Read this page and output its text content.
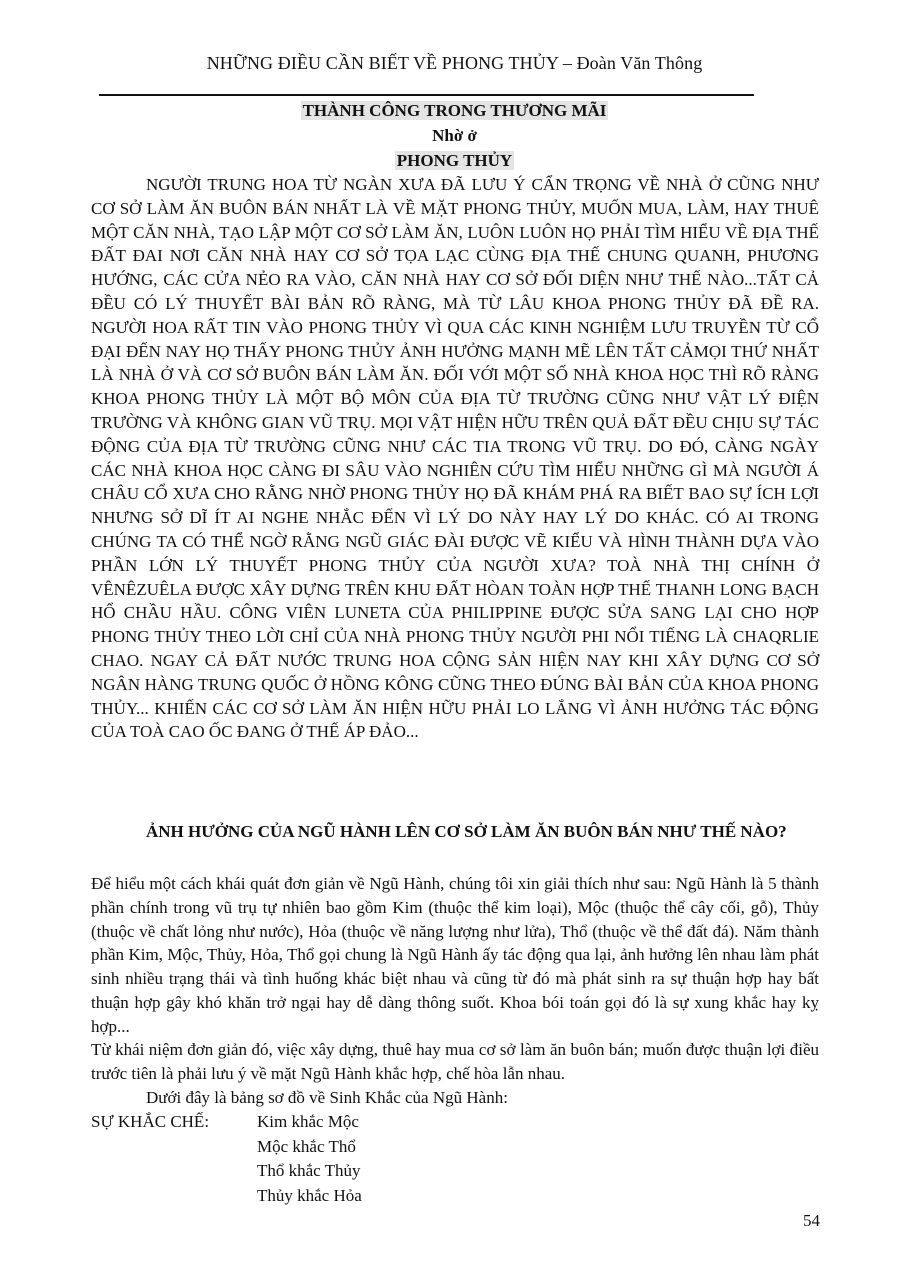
NHỮNG ĐIỀU CẦN BIẾT VỀ PHONG THỦY – Đoàn Văn Thông
THÀNH CÔNG TRONG THƯƠNG MÃI
Nhờ ở
PHONG THỦY

NGƯỜI TRUNG HOA TỪ NGÀN XƯA ĐÃ LƯU Ý CẨN TRỌNG VỀ NHÀ Ở CŨNG NHƯ CƠ SỞ LÀM ĂN BUÔN BÁN NHẤT LÀ VỀ MẶT PHONG THỦY, MUỐN MUA, LÀM, HAY THUÊ MỘT CĂN NHÀ, TẠO LẬP MỘT CƠ SỞ LÀM ĂN, LUÔN LUÔN HỌ PHẢI TÌM HIỂU VỀ ĐỊA THẾ ĐẤT ĐAI NƠI CĂN NHÀ HAY CƠ SỞ TỌA LẠC CÙNG ĐỊA THẾ CHUNG QUANH, PHƯƠNG HƯỚNG, CÁC CỬA NẺO RA VÀO, CĂN NHÀ HAY CƠ SỞ ĐỐI DIỆN NHƯ THẾ NÀO...TẤT CẢ ĐỀU CÓ LÝ THUYẾT BÀI BẢN RÕ RÀNG, MÀ TỪ LÂU KHOA PHONG THỦY ĐÃ ĐỀ RA. NGƯỜI HOA RẤT TIN VÀO PHONG THỦY VÌ QUA CÁC KINH NGHIỆM LƯU TRUYỀN TỪ CỔ ĐẠI ĐẾN NAY HỌ THẤY PHONG THỦY ẢNH HƯỞNG MẠNH MẼ LÊN TẤT CẢMỌI THỨ NHẤT LÀ NHÀ Ở VÀ CƠ SỞ BUÔN BÁN LÀM ĂN. ĐỐI VỚI MỘT SỐ NHÀ KHOA HỌC THÌ RÕ RÀNG KHOA PHONG THỦY LÀ MỘT BỘ MÔN CỦA ĐỊA TỪ TRƯỜNG CŨNG NHƯ VẬT LÝ ĐIỆN TRƯỜNG VÀ KHÔNG GIAN VŨ TRỤ. MỌI VẬT HIỆN HỮU TRÊN QUẢ ĐẤT ĐỀU CHỊU SỰ TÁC ĐỘNG CỦA ĐỊA TỪ TRƯỜNG CŨNG NHƯ CÁC TIA TRONG VŨ TRỤ. DO ĐÓ, CÀNG NGÀY CÁC NHÀ KHOA HỌC CÀNG ĐI SÂU VÀO NGHIÊN CỨU TÌM HIỂU NHỮNG GÌ MÀ NGƯỜI Á CHÂU CỔ XƯA CHO RẰNG NHỜ PHONG THỦY HỌ ĐÃ KHÁM PHÁ RA BIẾT BAO SỰ ÍCH LỢI NHƯNG SỞ DĨ ÍT AI NGHE NHẮC ĐẾN VÌ LÝ DO NÀY HAY LÝ DO KHÁC. CÓ AI TRONG CHÚNG TA CÓ THỂ NGỜ RẰNG NGŨ GIÁC ĐÀI ĐƯỢC VẼ KIỂU VÀ HÌNH THÀNH DỰA VÀO PHẦN LỚN LÝ THUYẾT PHONG THỦY CỦA NGƯỜI XƯA? TOÀ NHÀ THỊ CHÍNH Ở VÊNÊZUÊLA ĐƯỢC XÂY DỰNG TRÊN KHU ĐẤT HÒAN TOÀN HỢP THẾ THANH LONG BẠCH HỔ CHẦU HẦU. CÔNG VIÊN LUNETA CỦA PHILIPPINE ĐƯỢC SỬA SANG LẠI CHO HỢP PHONG THỦY THEO LỜI CHỈ CỦA NHÀ PHONG THỦY NGƯỜI PHI NỔI TIẾNG LÀ CHAQRLIE CHAO. NGAY CẢ ĐẤT NƯỚC TRUNG HOA CỘNG SẢN HIỆN NAY KHI XÂY DỰNG CƠ SỞ NGÂN HÀNG TRUNG QUỐC Ở HỒNG KÔNG CŨNG THEO ĐÚNG BÀI BẢN CỦA KHOA PHONG THỦY... KHIẾN CÁC CƠ SỞ LÀM ĂN HIỆN HỮU PHẢI LO LẮNG VÌ ẢNH HƯỞNG TÁC ĐỘNG CỦA TOÀ CAO ỐC ĐANG Ở THẾ ÁP ĐẢO...

ẢNH HƯỞNG CỦA NGŨ HÀNH LÊN CƠ SỞ LÀM ĂN BUÔN BÁN NHƯ THẾ NÀO?

Để hiểu một cách khái quát đơn giản về Ngũ Hành, chúng tôi xin giải thích như sau: Ngũ Hành là 5 thành phần chính trong vũ trụ tự nhiên bao gồm Kim (thuộc thể kim loại), Mộc (thuộc thể cây cối, gỗ), Thủy (thuộc về chất lỏng như nước), Hỏa (thuộc về năng lượng như lửa), Thổ (thuộc về thể đất đá). Năm thành phần Kim, Mộc, Thủy, Hỏa, Thổ gọi chung là Ngũ Hành ấy tác động qua lại, ảnh hưởng lên nhau làm phát sinh nhiều trạng thái và tình huống khác biệt nhau và cũng từ đó mà phát sinh ra sự thuận hợp hay bất thuận hợp gây khó khăn trở ngại hay dễ dàng thông suốt. Khoa bói toán gọi đó là sự xung khắc hay kỵ hợp...

Từ khái niệm đơn giản đó, việc xây dựng, thuê hay mua cơ sở làm ăn buôn bán; muốn được thuận lợi điều trước tiên là phải lưu ý về mặt Ngũ Hành khắc hợp, chế hòa lẫn nhau.

Dưới đây là bảng sơ đồ về Sinh Khắc của Ngũ Hành:

SỰ KHẮC CHẾ:	Kim khắc Mộc
Mộc khắc Thổ
Thổ khắc Thủy
Thủy khắc Hỏa
54
